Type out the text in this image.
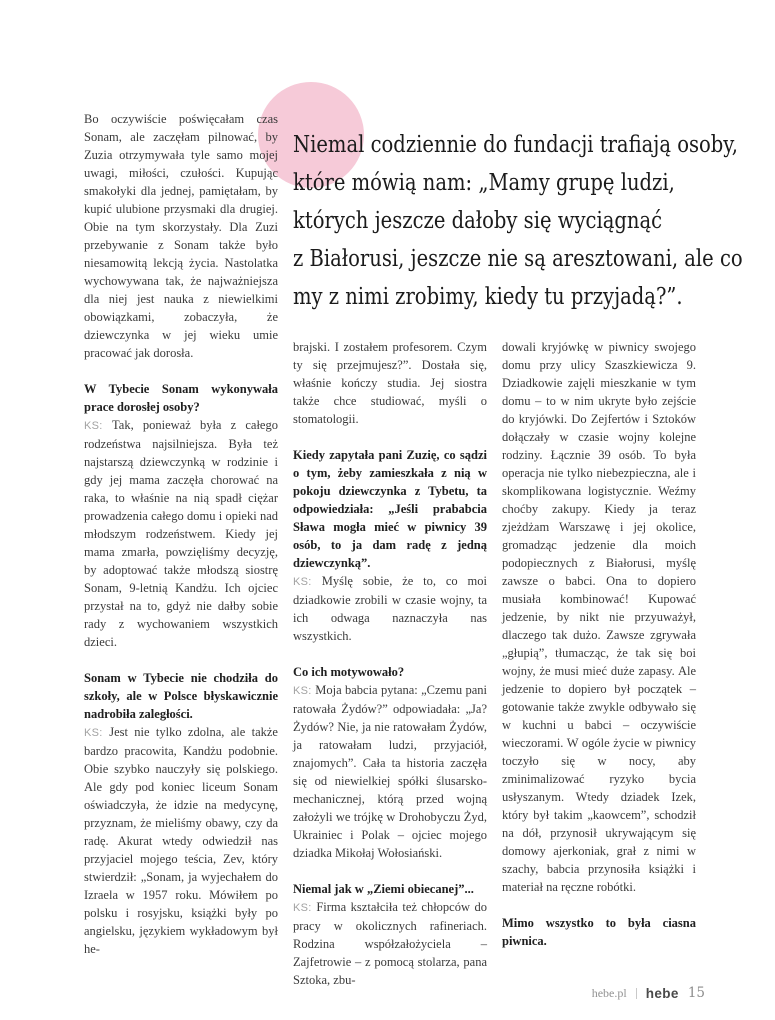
Niemal codziennie do fundacji trafiają osoby,
które mówią nam: „Mamy grupę ludzi,
których jeszcze dałoby się wyciągnąć
z Białorusi, jeszcze nie są aresztowani, ale co
my z nimi zrobimy, kiedy tu przyjadą?”.

Bo oczywiście poświęcałam czas Sonam, ale zaczęłam pilnować, by Zuzia otrzymywała tyle samo mojej uwagi, miłości, czułości. Kupując smakołyki dla jednej, pamiętałam, by kupić ulubione przysmaki dla drugiej. Obie na tym skorzystały. Dla Zuzi przebywanie z Sonam także było niesamowitą lekcją życia. Nastolatka wychowywana tak, że najważniejsza dla niej jest nauka z niewielkimi obowiązkami, zobaczyła, że dziewczynka w jej wieku umie pracować jak dorosła.

W Tybecie Sonam wykonywała prace dorosłej osoby?

KS: Tak, ponieważ była z całego rodzeństwa najsilniejsza. Była też najstarszą dziewczynką w rodzinie i gdy jej mama zaczęła chorować na raka, to właśnie na nią spadł ciężar prowadzenia całego domu i opieki nad młodszym rodzeństwem. Kiedy jej mama zmarła, powzięliśmy decyzję, by adoptować także młodszą siostrę Sonam, 9-letnią Kandżu. Ich ojciec przystał na to, gdyż nie dałby sobie rady z wychowaniem wszystkich dzieci.

Sonam w Tybecie nie chodziła do szkoły, ale w Polsce błyskawicznie nadrobiła zaległości.

KS: Jest nie tylko zdolna, ale także bardzo pracowita, Kandżu podobnie. Obie szybko nauczyły się polskiego. Ale gdy pod koniec liceum Sonam oświadczyła, że idzie na medycynę, przyznam, że mieliśmy obawy, czy da radę. Akurat wtedy odwiedził nas przyjaciel mojego teścia, Zev, który stwierdził: „Sonam, ja wyjechałem do Izraela w 1957 roku. Mówiłem po polsku i rosyjsku, książki były po angielsku, językiem wykładowym był he-

brajski. I zostałem profesorem. Czym ty się przejmujesz?”. Dostała się, właśnie kończy studia. Jej siostra także chce studiować, myśli o stomatologii.

Kiedy zapytała pani Zuzię, co sądzi o tym, żeby zamieszkała z nią w pokoju dziewczynka z Tybetu, ta odpowiedziała: „Jeśli prababcia Sława mogła mieć w piwnicy 39 osób, to ja dam radę z jedną dziewczynką”.

KS: Myślę sobie, że to, co moi dziadkowie zrobili w czasie wojny, ta ich odwaga naznaczyła nas wszystkich.

Co ich motywowało?

KS: Moja babcia pytana: „Czemu pani ratowała Żydów?” odpowiadała: „Ja? Żydów? Nie, ja nie ratowałam Żydów, ja ratowałam ludzi, przyjaciół, znajomych”. Cała ta historia zaczęła się od niewielkiej spółki ślusarsko-mechanicznej, którą przed wojną założyli we trójkę w Drohobyczu Żyd, Ukrainiec i Polak – ojciec mojego dziadka Mikołaj Wołosiański.

Niemal jak w „Ziemi obiecanej”...

KS: Firma kształciła też chłopców do pracy w okolicznych rafineriach. Rodzina współzałożyciela – Zajfetrowie – z pomocą stolarza, pana Sztoka, zbu-

dowali kryjówkę w piwnicy swojego domu przy ulicy Szaszkiewicza 9. Dziadkowie zajęli mieszkanie w tym domu – to w nim ukryte było zejście do kryjówki. Do Zejfertów i Sztoków dołączały w czasie wojny kolejne rodziny. Łącznie 39 osób. To była operacja nie tylko niebezpieczna, ale i skomplikowana logistycznie. Weźmy choćby zakupy. Kiedy ja teraz zjeżdżam Warszawę i jej okolice, gromadząc jedzenie dla moich podopiecznych z Białorusi, myślę zawsze o babci. Ona to dopiero musiała kombinować! Kupować jedzenie, by nikt nie przyuważył, dlaczego tak dużo. Zawsze zgrywała „głupią”, tłumacząc, że tak się boi wojny, że musi mieć duże zapasy. Ale jedzenie to dopiero był początek – gotowanie także zwykle odbywało się w kuchni u babci – oczywiście wieczorami. W ogóle życie w piwnicy toczyło się w nocy, aby zminimalizować ryzyko bycia usłyszanym. Wtedy dziadek Izek, który był takim „kaowcem”, schodził na dół, przynosił ukrywającym się domowy ajerkoniak, grał z nimi w szachy, babcia przynosiła książki i materiał na ręczne robótki.

Mimo wszystko to była ciasna piwnica.

hebe.pl hebe 15
